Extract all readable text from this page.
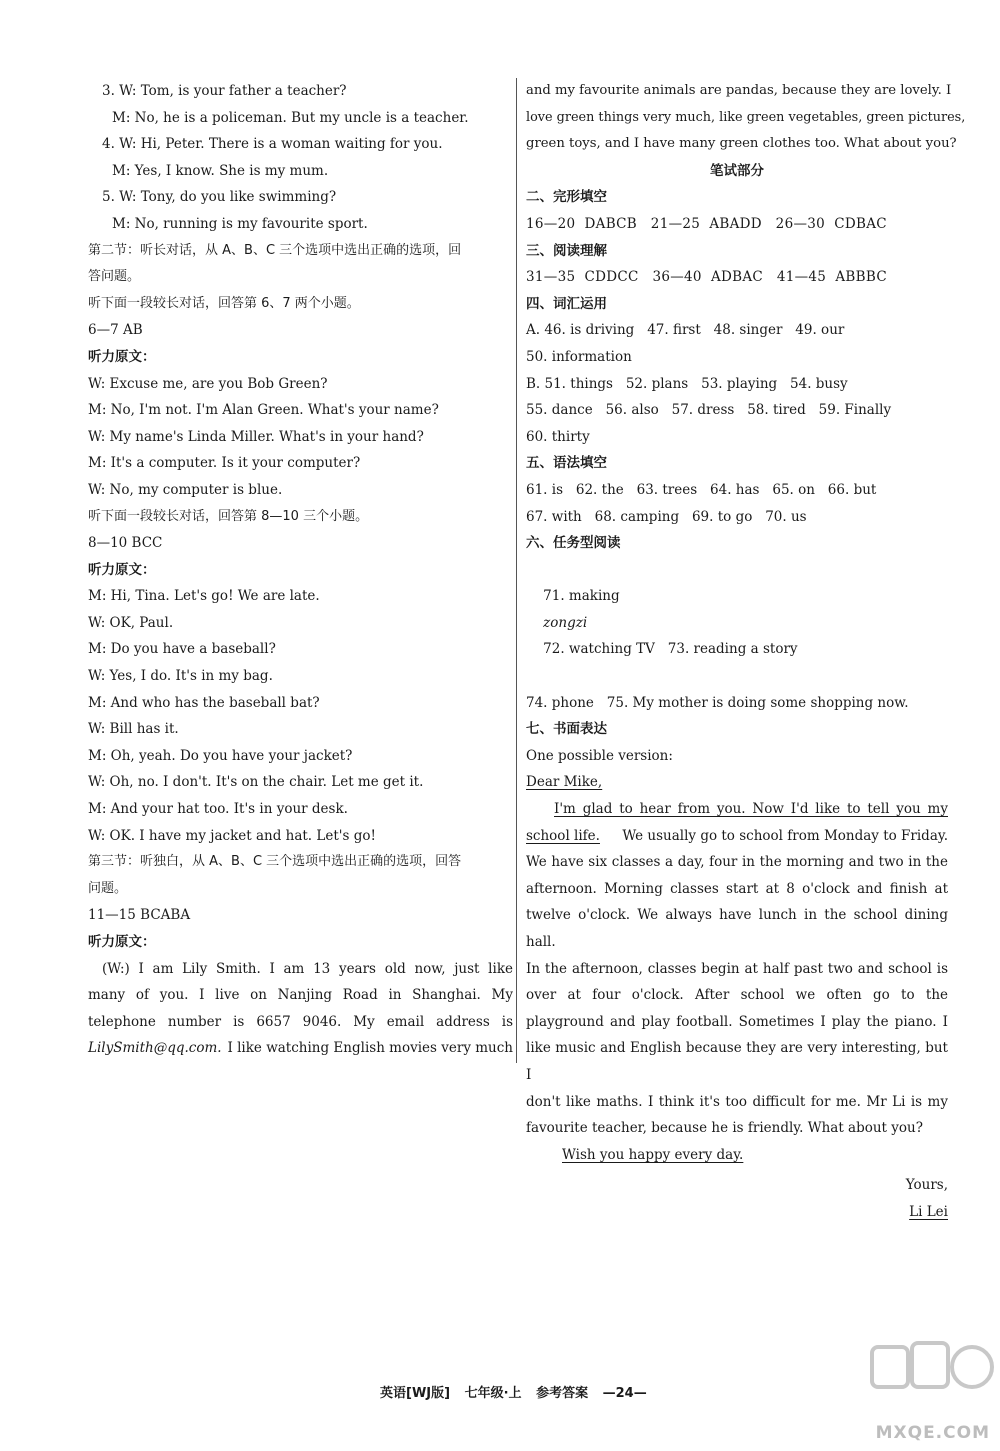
3. W: Tom, is your father a teacher?
M: No, he is a policeman. But my uncle is a teacher.
4. W: Hi, Peter. There is a woman waiting for you.
M: Yes, I know. She is my mum.
5. W: Tony, do you like swimming?
M: No, running is my favourite sport.
第二节：听长对话，从 A、B、C 三个选项中选出正确的选项，回
答问题。
听下面一段较长对话，回答第 6、7 两个小题。
6—7 AB
听力原文：
W: Excuse me, are you Bob Green?
M: No, I'm not. I'm Alan Green. What's your name?
W: My name's Linda Miller. What's in your hand?
M: It's a computer. Is it your computer?
W: No, my computer is blue.
听下面一段较长对话，回答第 8—10 三个小题。
8—10 BCC
听力原文：
M: Hi, Tina. Let's go! We are late.
W: OK, Paul.
M: Do you have a baseball?
W: Yes, I do. It's in my bag.
M: And who has the baseball bat?
W: Bill has it.
M: Oh, yeah. Do you have your jacket?
W: Oh, no. I don't. It's on the chair. Let me get it.
M: And your hat too. It's in your desk.
W: OK. I have my jacket and hat. Let's go!
第三节：听独白，从 A、B、C 三个选项中选出正确的选项，回答
问题。
11—15 BCABA
听力原文：
(W:) I am Lily Smith. I am 13 years old now, just like
many of you. I live on Nanjing Road in Shanghai. My
telephone number is 6657 9046. My email address is
LilySmith@qq.com. I like watching English movies very much
and my favourite animals are pandas, because they are lovely. I
love green things very much, like green vegetables, green pictures,
green toys, and I have many green clothes too. What about you?
笔试部分
二、完形填空
16—20  DABCB   21—25  ABADD   26—30  CDBAC
三、阅读理解
31—35  CDDCC   36—40  ADBAC   41—45  ABBBC
四、词汇运用
A. 46. is driving   47. first   48. singer   49. our
50. information
B. 51. things   52. plans   53. playing   54. busy
55. dance   56. also   57. dress   58. tired   59. Finally
60. thirty
五、语法填空
61. is   62. the   63. trees   64. has   65. on   66. but
67. with   68. camping   69. to go   70. us
六、任务型阅读

71. making
zongzi
72. watching TV   73. reading a story

74. phone   75. My mother is doing some shopping now.
七、书面表达
One possible version:
Dear Mike,
I'm glad to hear from you. Now I'd like to tell you my
school life. We usually go to school from Monday to Friday.
We have six classes a day, four in the morning and two in the
afternoon. Morning classes start at 8 o'clock and finish at
twelve o'clock. We always have lunch in the school dining hall.
In the afternoon, classes begin at half past two and school is
over at four o'clock. After school we often go to the
playground and play football. Sometimes I play the piano. I
like music and English because they are very interesting, but I
don't like maths. I think it's too difficult for me. Mr Li is my
favourite teacher, because he is friendly. What about you?
Wish you happy every day.
Yours,
Li Lei
英语[WJ版] 七年级·上 参考答案 —24—
MXQE.COM
